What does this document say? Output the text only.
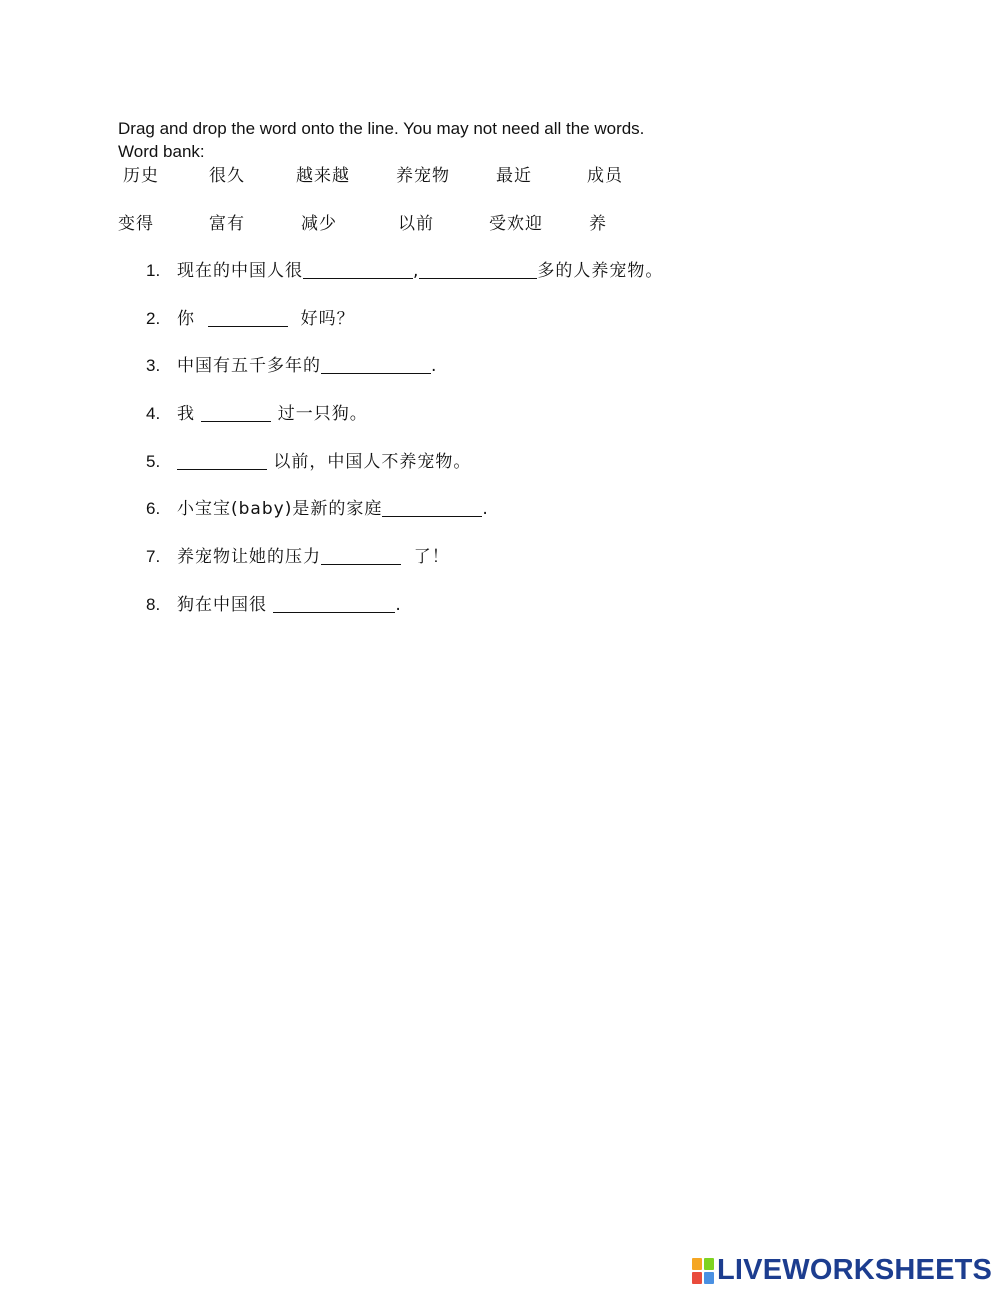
Drag and drop the word onto the line. You may not need all the words.
Word bank:
历史	很久	越来越	养宠物	最近	成员
变得	富有	减少	以前	受欢迎	养
1. 现在的中国人很	,	多的人养宠物。
2. 你	好吗？
3. 中国有五千多年的	.
4. 我	过一只狗。
5.	以前，中国人不养宠物。
6. 小宝宝(baby)是新的家庭	.
7. 养宠物让她的压力	了！
8. 狗在中国很	.
LIVEWORKSHEETS
